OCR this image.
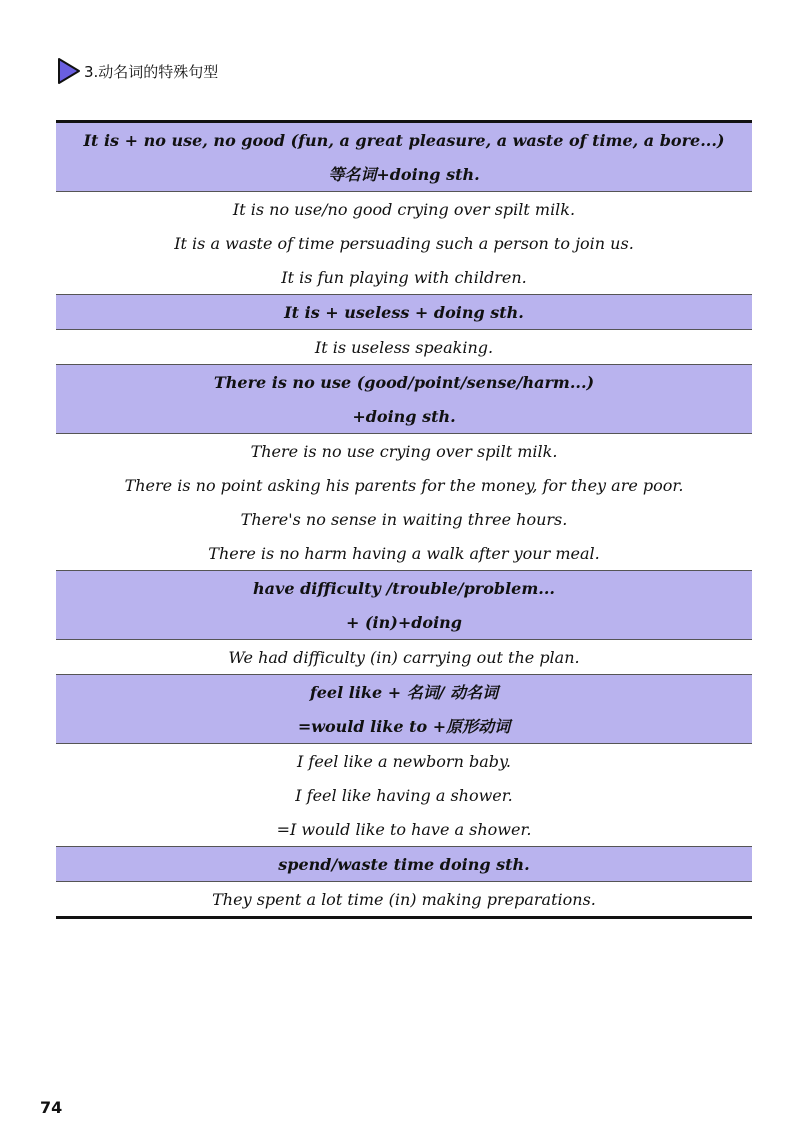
3.动名词的特殊句型
It is + no use, no good (fun, a great pleasure, a waste of time, a bore...)
等名词+doing sth.
It is no use/no good crying over spilt milk.
It is a waste of time persuading such a person to join us.
It is fun playing with children.
It is + useless + doing sth.
It is useless speaking.
There is no use (good/point/sense/harm...)
+doing sth.
There is no use crying over spilt milk.
There is no point asking his parents for the money, for they are poor.
There's no sense in waiting three hours.
There is no harm having a walk after your meal.
have difficulty /trouble/problem...
+ (in)+doing
We had difficulty (in) carrying out the plan.
feel like + 名词/ 动名词
=would like to +原形动词
I feel like a newborn baby.
I feel like having a shower.
=I would like to have a shower.
spend/waste time doing sth.
They spent a lot time (in) making preparations.
74
